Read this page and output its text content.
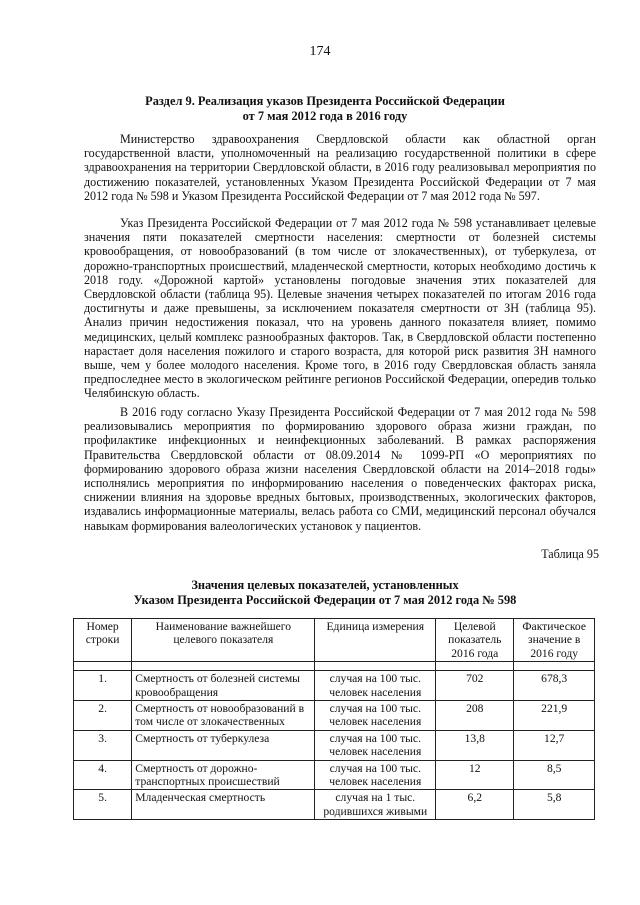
174
Раздел 9. Реализация указов Президента Российской Федерации
от 7 мая 2012 года в 2016 году

Министерство здравоохранения Свердловской области как областной орган государственной власти, уполномоченный на реализацию государственной политики в сфере здравоохранения на территории Свердловской области, в 2016 году реализовывал мероприятия по достижению показателей, установленных Указом Президента Российской Федерации от 7 мая 2012 года № 598 и Указом Президента Российской Федерации от 7 мая 2012 года № 597.

Указ Президента Российской Федерации от 7 мая 2012 года № 598 устанавливает целевые значения пяти показателей смертности населения: смертности от болезней системы кровообращения, от новообразований (в том числе от злокачественных), от туберкулеза, от дорожно-транспортных происшествий, младенческой смертности, которых необходимо достичь к 2018 году. «Дорожной картой» установлены погодовые значения этих показателей для Свердловской области (таблица 95). Целевые значения четырех показателей по итогам 2016 года достигнуты и даже превышены, за исключением показателя смертности от ЗН (таблица 95). Анализ причин недостижения показал, что на уровень данного показателя влияет, помимо медицинских, целый комплекс разнообразных факторов. Так, в Свердловской области постепенно нарастает доля населения пожилого и старого возраста, для которой риск развития ЗН намного выше, чем у более молодого населения. Кроме того, в 2016 году Свердловская область заняла предпоследнее место в экологическом рейтинге регионов Российской Федерации, опередив только Челябинскую область.

В 2016 году согласно Указу Президента Российской Федерации от 7 мая 2012 года № 598 реализовывались мероприятия по формированию здорового образа жизни граждан, по профилактике инфекционных и неинфекционных заболеваний. В рамках распоряжения Правительства Свердловской области от 08.09.2014 № 1099-РП «О мероприятиях по формированию здорового образа жизни населения Свердловской области на 2014–2018 годы» исполнялись мероприятия по информированию населения о поведенческих факторах риска, снижении влияния на здоровье вредных бытовых, производственных, экологических факторов, издавались информационные материалы, велась работа со СМИ, медицинский персонал обучался навыкам формирования валеологических установок у пациентов.

Таблица 95
Значения целевых показателей, установленных
Указом Президента Российской Федерации от 7 мая 2012 года № 598
Номер строки	Наименование важнейшего целевого показателя	Единица измерения	Целевой показатель 2016 года	Фактическое значение в 2016 году

1.	Смертность от болезней системы кровообращения	случая на 100 тыс. человек населения	702	678,3
2.	Смертность от новообразований в том числе от злокачественных	случая на 100 тыс. человек населения	208	221,9
3.	Смертность от туберкулеза	случая на 100 тыс. человек населения	13,8	12,7
4.	Смертность от дорожно-транспортных происшествий	случая на 100 тыс. человек населения	12	8,5
5.	Младенческая смертность	случая на 1 тыс. родившихся живыми	6,2	5,8
